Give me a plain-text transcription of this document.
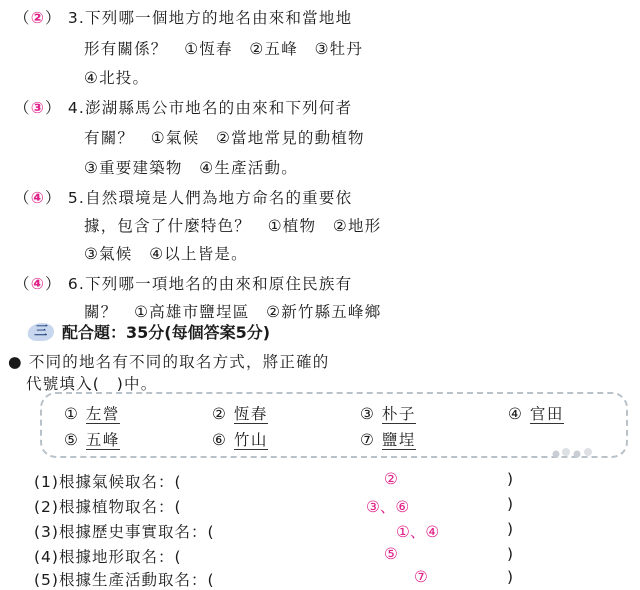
（②） 3.下列哪一個地方的地名由來和當地地
形有關係？　①恆春　②五峰　③牡丹
④北投。
（③） 4.澎湖縣馬公市地名的由來和下列何者
有關？　①氣候　②當地常見的動植物
③重要建築物　④生產活動。
（④） 5.自然環境是人們為地方命名的重要依
據，包含了什麼特色？　①植物　②地形
③氣候　④以上皆是。
（④） 6.下列哪一項地名的由來和原住民族有
關？　①高雄市鹽埕區　②新竹縣五峰鄉
三 配合題：35分(每個答案5分)
● 不同的地名有不同的取名方式，將正確的
代號填入(　)中。
① 左營	② 恆春	③ 朴子	④ 官田
⑤ 五峰	⑥ 竹山	⑦ 鹽埕
(1)根據氣候取名：(	②	)
(2)根據植物取名：(	③、⑥	)
(3)根據歷史事實取名：(	①、④	)
(4)根據地形取名：(	⑤	)
(5)根據生產活動取名：(	⑦	)
